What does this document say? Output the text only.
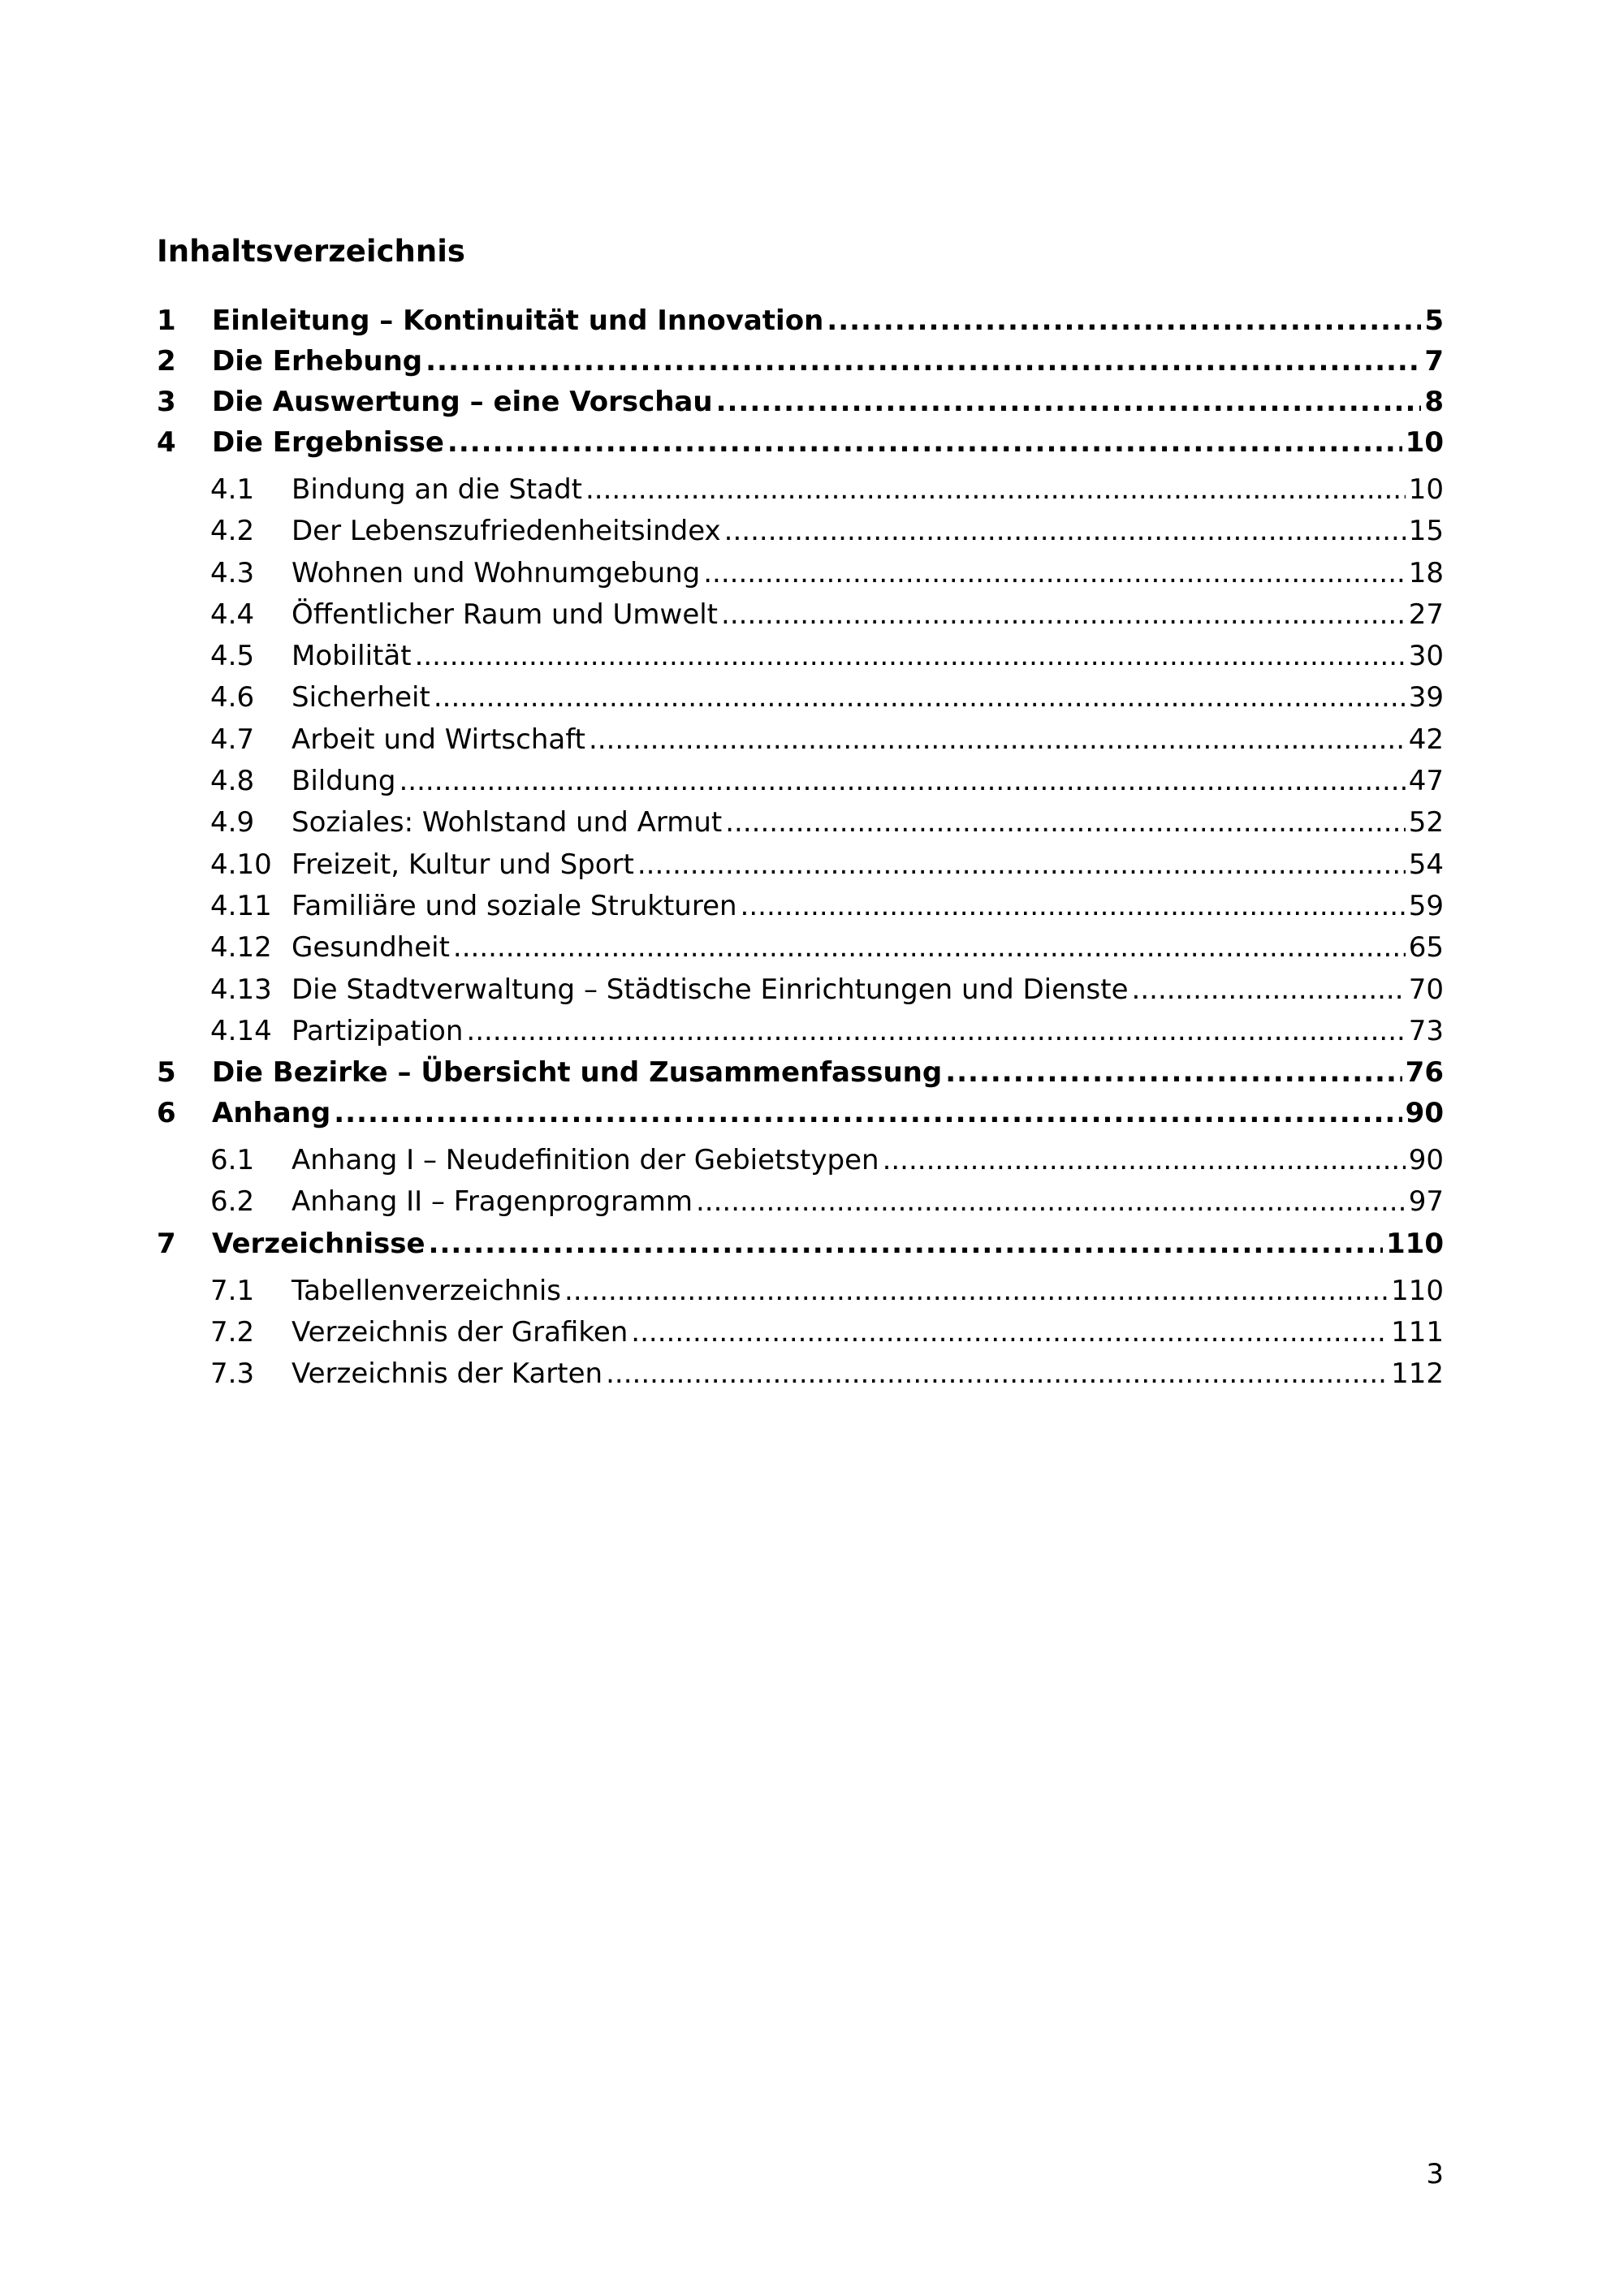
Inhaltsverzeichnis
1	Einleitung – Kontinuität und Innovation .....	5
2	Die Erhebung .....	7
3	Die Auswertung – eine Vorschau .....	8
4	Die Ergebnisse .....	10
4.1	Bindung an die Stadt .....	10
4.2	Der Lebenszufriedenheitsindex .....	15
4.3	Wohnen und Wohnumgebung .....	18
4.4	Öffentlicher Raum und Umwelt .....	27
4.5	Mobilität .....	30
4.6	Sicherheit .....	39
4.7	Arbeit und Wirtschaft .....	42
4.8	Bildung .....	47
4.9	Soziales: Wohlstand und Armut .....	52
4.10 Freizeit, Kultur und Sport .....	54
4.11 Familiäre und soziale Strukturen .....	59
4.12 Gesundheit .....	65
4.13 Die Stadtverwaltung – Städtische Einrichtungen und Dienste .....	70
4.14 Partizipation .....	73
5	Die Bezirke – Übersicht und Zusammenfassung .....	76
6	Anhang .....	90
6.1	Anhang I – Neudefinition der Gebietstypen .....	90
6.2	Anhang II – Fragenprogramm .....	97
7	Verzeichnisse .....	110
7.1	Tabellenverzeichnis .....	110
7.2	Verzeichnis der Grafiken .....	111
7.3	Verzeichnis der Karten .....	112
3
